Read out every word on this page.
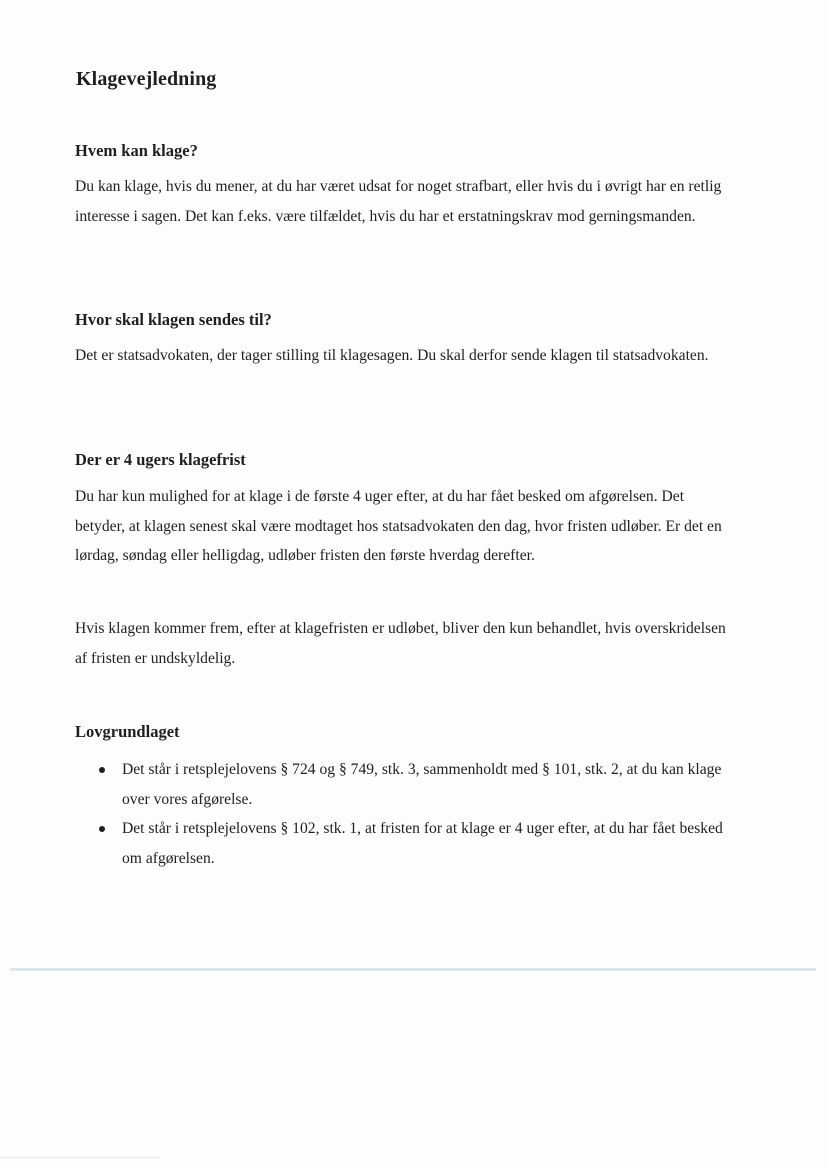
Klagevejledning
Hvem kan klage?

Du kan klage, hvis du mener, at du har været udsat for noget strafbart, eller hvis du i øvrigt har en retlig interesse i sagen. Det kan f.eks. være tilfældet, hvis du har et erstatningskrav mod gerningsmanden.

Hvor skal klagen sendes til?

Det er statsadvokaten, der tager stilling til klagesagen. Du skal derfor sende klagen til statsadvokaten.

Der er 4 ugers klagefrist

Du har kun mulighed for at klage i de første 4 uger efter, at du har fået besked om afgørelsen. Det betyder, at klagen senest skal være modtaget hos statsadvokaten den dag, hvor fristen udløber. Er det en lørdag, søndag eller helligdag, udløber fristen den første hverdag derefter.

Hvis klagen kommer frem, efter at klagefristen er udløbet, bliver den kun behandlet, hvis overskridelsen af fristen er undskyldelig.

Lovgrundlaget
Det står i retsplejelovens § 724 og § 749, stk. 3, sammenholdt med § 101, stk. 2, at du kan klage over vores afgørelse.
Det står i retsplejelovens § 102, stk. 1, at fristen for at klage er 4 uger efter, at du har fået besked om afgørelsen.
